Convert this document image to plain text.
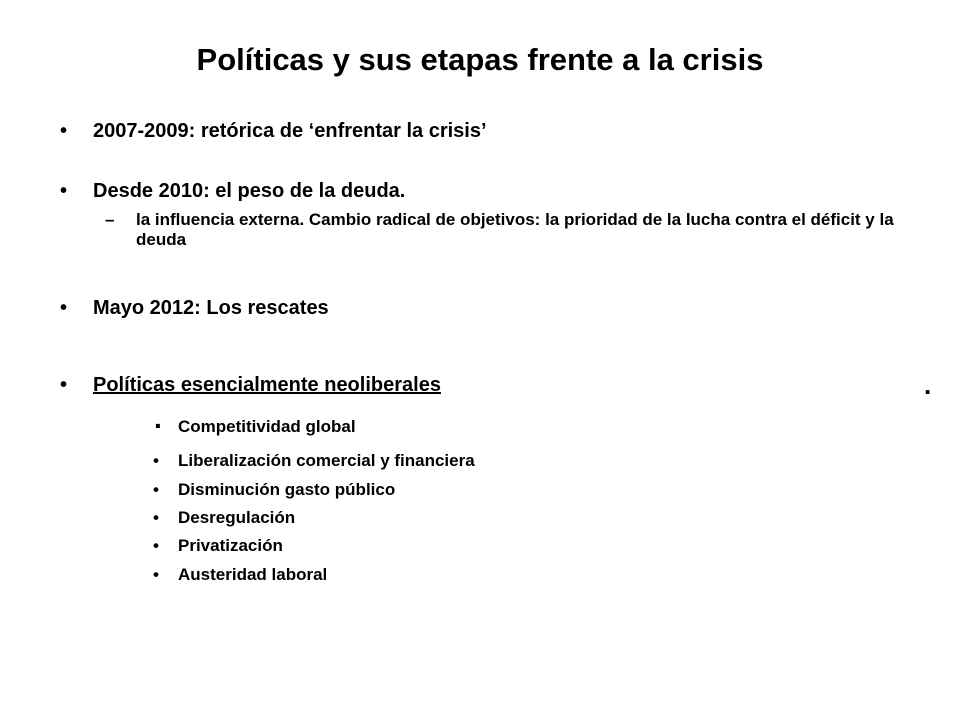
Políticas y sus etapas frente a la crisis
•	2007-2009: retórica de ‘enfrentar la crisis’
•	Desde 2010: el peso de la deuda.
– la influencia externa. Cambio radical de objetivos: la prioridad de la lucha contra el déficit y la deuda
•	Mayo 2012: Los rescates
•	Políticas esencialmente neoliberales	.
. Competitividad global
• Liberalización comercial y financiera
• Disminución gasto público
• Desregulación
• Privatización
• Austeridad laboral
